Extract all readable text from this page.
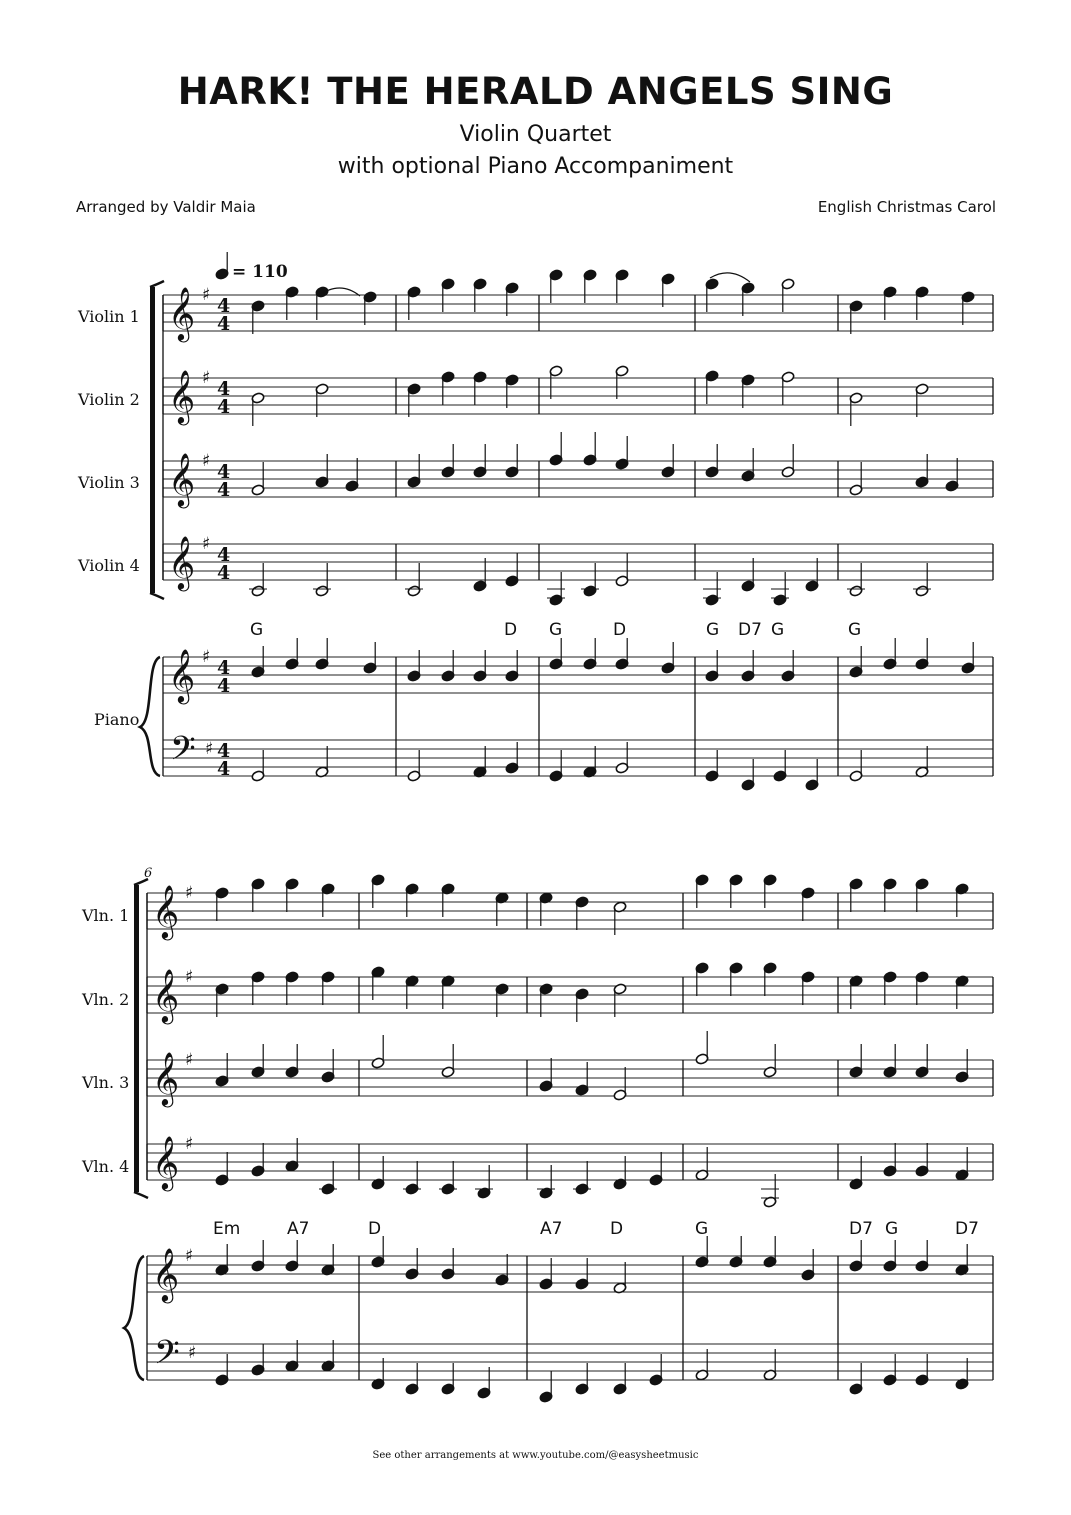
HARK! THE HERALD ANGELS SING
Violin Quartet
with optional Piano Accompaniment
Arranged by Valdir Maia	English Christmas Carol
= 110
Violin 1
Violin 2
Violin 3
Violin 4
Piano
6
Vln. 1
Vln. 2
Vln. 3
Vln. 4
G	D G	D	G D7 G	G
Em	A7	D	A7	D	G	D7 G	D7
See other arrangements at www.youtube.com/@easysheetmusic
𝄞 ♯ 4
4
𝄞 ♯ 4
4
𝄞 ♯ 4
4
𝄞 ♯ 4
4
𝄞 ♯ 4
4
𝄢 ♯ 4
4
𝄞 ♯
𝄞 ♯
𝄞 ♯
𝄞 ♯
𝄞 ♯
𝄢 ♯
